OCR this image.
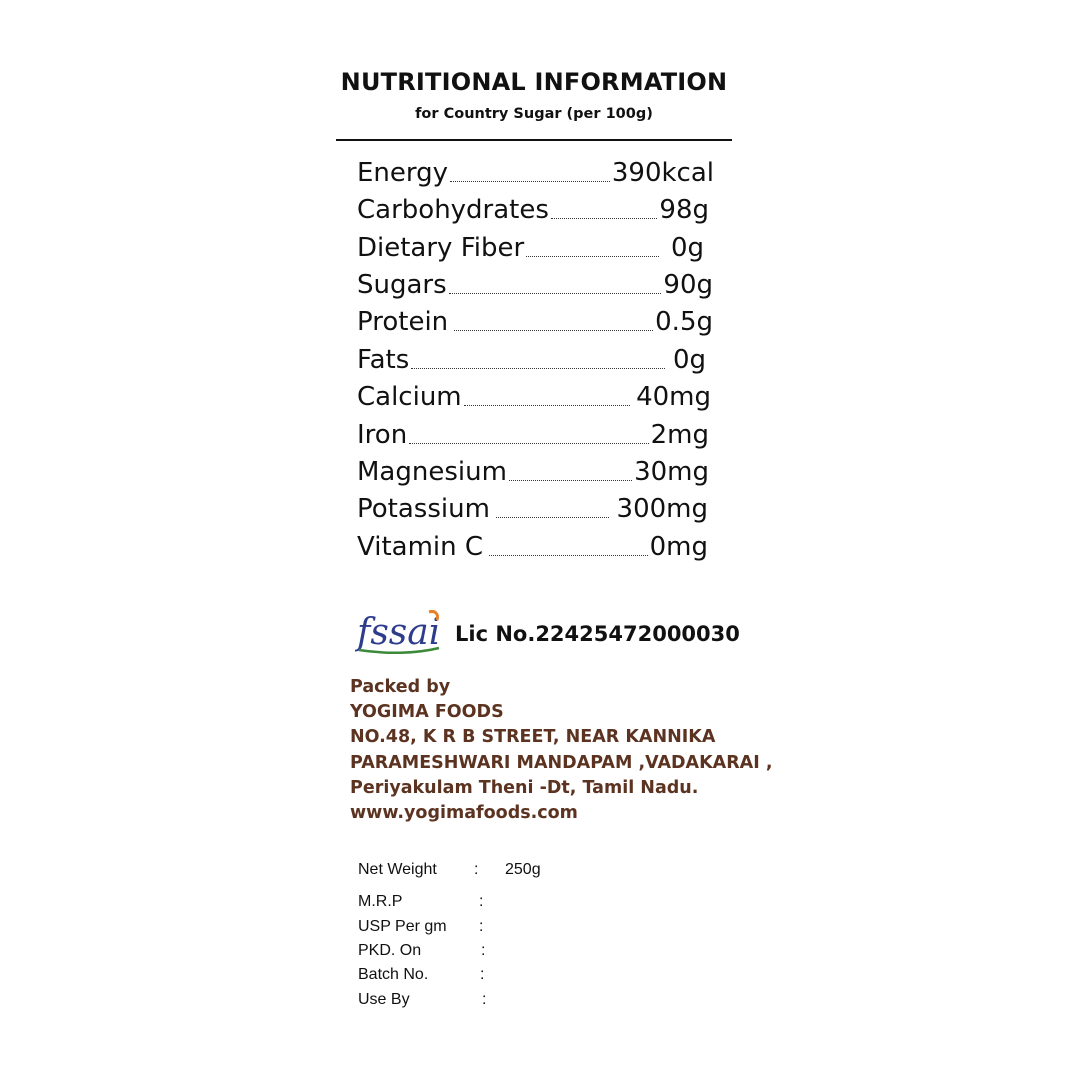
NUTRITIONAL INFORMATION
for Country Sugar (per 100g)
Energy	390kcal
Carbohydrates	98g
Dietary Fiber	0g
Sugars	90g
Protein	0.5g
Fats	0g
Calcium	40mg
Iron	2mg
Magnesium	30mg
Potassium	300mg
Vitamin C	0mg
fssai Lic No.22425472000030
Packed by
YOGIMA FOODS
NO.48, K R B STREET, NEAR KANNIKA
PARAMESHWARI MANDAPAM ,VADAKARAI ,
Periyakulam Theni -Dt, Tamil Nadu.
www.yogimafoods.com
Net Weight : 250g
M.R.P	:
USP Per gm :
PKD. On	:
Batch No.	:
Use By	:
